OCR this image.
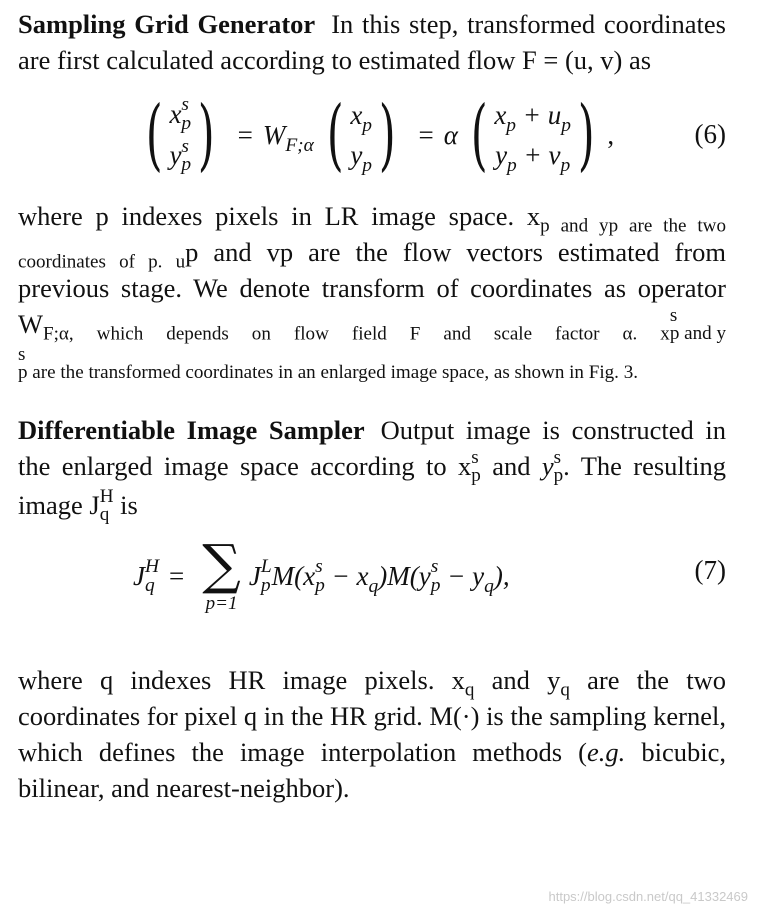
Sampling Grid Generator In this step, transformed coordinates are first calculated according to estimated flow F = (u, v) as

( x s
p
y s
p ) = $W_{F;\alpha}$ ( $x_p$
$y_p$ ) = α ( $x_p + u_p$
$y_p + v_p$ ) ,	(6)

where p indexes pixels in LR image space. $x_{p and yp are the two coordinates of p. u}p$ and vp are the flow vectors estimated from previous stage. We denote transform of coordinates as operator $W_{F;\alpha, which depends on flow field F and scale factor \alpha. x}$
s
p and y
s
p are the transformed coordinates in an enlarged image space, as shown in Fig. 3.

Differentiable Image Sampler Output image is constructed in the enlarged image space according to x s
p and y s
p . The resulting image J H
q is

J H
q = ∑
p=1
J L
p M(x s
$p - x_q)M(y$ s
$p - y_q$),	(7)

where q indexes HR image pixels. $x_q$ and $y_q$ are the two coordinates for pixel q in the HR grid. M(·) is the sampling kernel, which defines the image interpolation methods (e.g. bicubic, bilinear, and nearest-neighbor).

https://blog.csdn.net/qq_41332469
